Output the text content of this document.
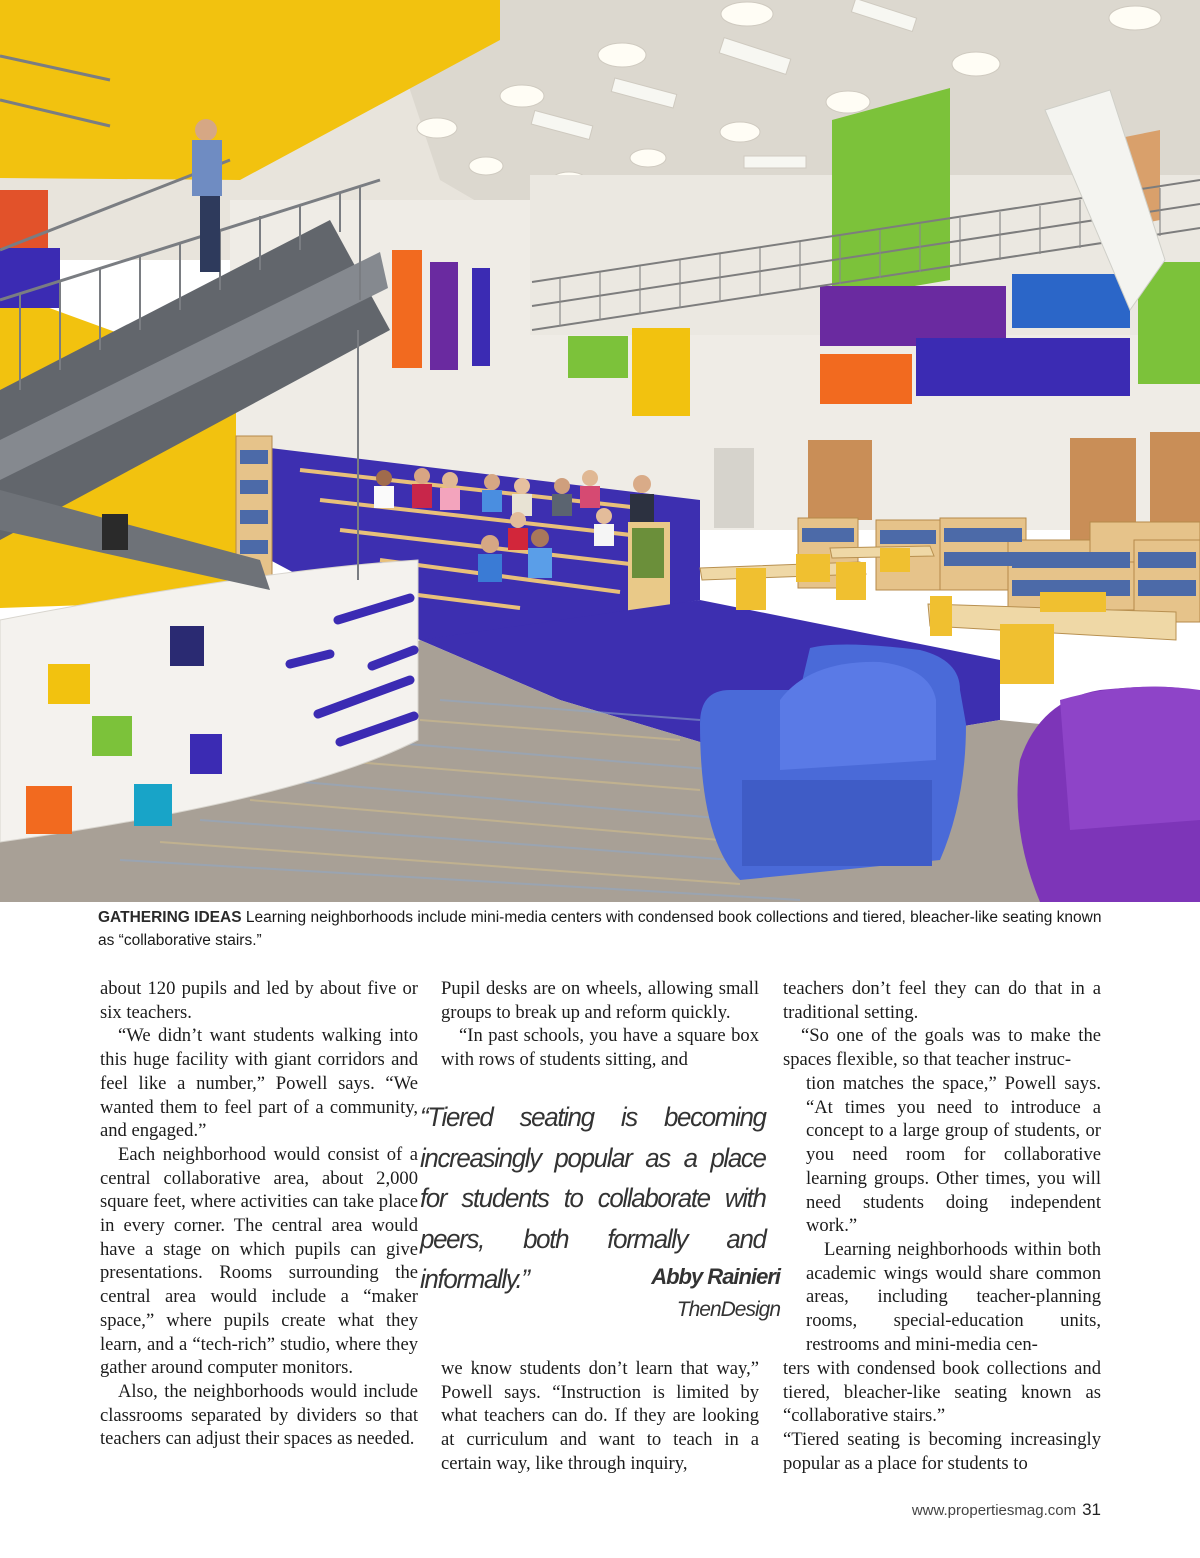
GATHERING IDEAS Learning neighborhoods include mini-media centers with condensed book collections and tiered, bleacher-like seating known as “collaborative stairs.”

about 120 pupils and led by about five or six teachers.

“We didn’t want students walking into this huge facility with giant corridors and feel like a number,” Powell says. “We wanted them to feel part of a community, and engaged.”

Each neighborhood would consist of a central collaborative area, about 2,000 square feet, where activities can take place in every corner. The central area would have a stage on which pupils can give presentations. Rooms surrounding the central area would include a “maker space,” where pupils create what they learn, and a “tech-rich” studio, where they gather around computer monitors.

Also, the neighborhoods would include classrooms separated by dividers so that teachers can adjust their spaces as needed.

Pupil desks are on wheels, allowing small groups to break up and reform quickly.

“In past schools, you have a square box with rows of students sitting, and

“Tiered seating is becoming increasingly popular as a place for students to collaborate with peers, both formally and informally.”	Abby Rainieri
ThenDesign

we know students don’t learn that way,” Powell says. “Instruction is limited by what teachers can do. If they are looking at curriculum and want to teach in a certain way, like through inquiry,

teachers don’t feel they can do that in a traditional setting.

“So one of the goals was to make the spaces flexible, so that teacher instruc-

tion matches the space,” Powell says. “At times you need to introduce a concept to a large group of students, or you need room for collaborative learning groups. Other times, you will need students doing independent work.”

Learning neighborhoods within both academic wings would share common areas, including teacher-planning rooms, special-education units, restrooms and mini-media cen-

ters with condensed book collections and tiered, bleacher-like seating known as “collaborative stairs.”

“Tiered seating is becoming increasingly popular as a place for students to

www.propertiesmag.com 31
